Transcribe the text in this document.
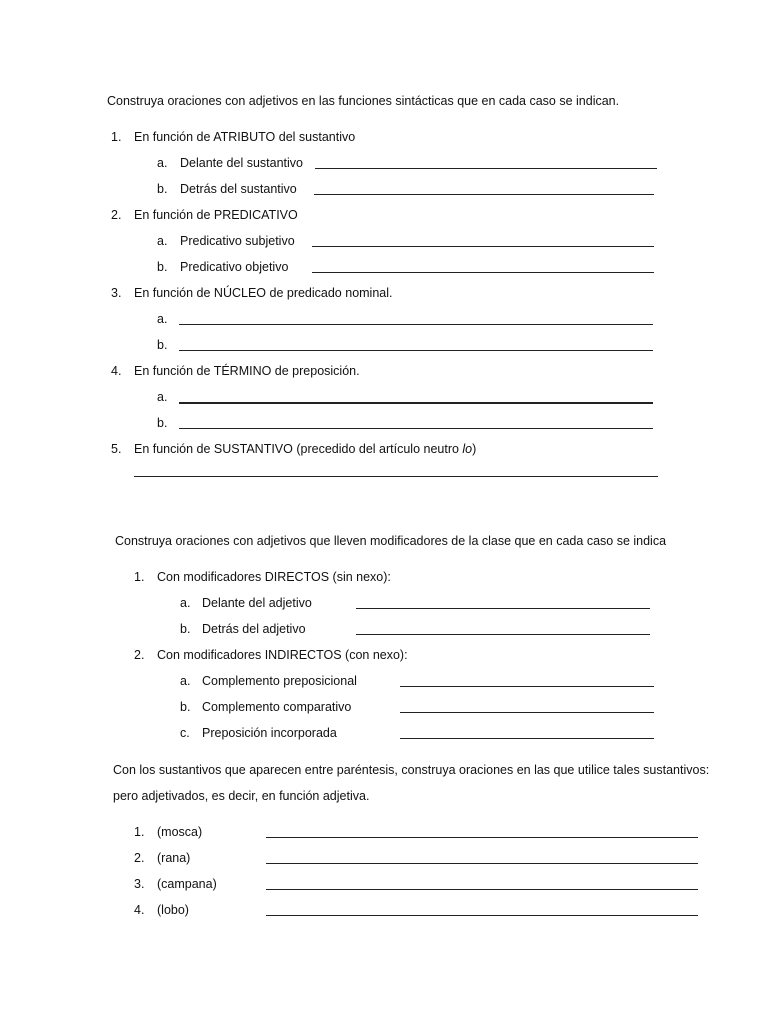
Construya oraciones con adjetivos en las funciones sintácticas que en cada caso se indican.
1. En función de ATRIBUTO del sustantivo
a. Delante del sustantivo
b. Detrás del sustantivo
2. En función de PREDICATIVO
a. Predicativo subjetivo
b. Predicativo objetivo
3. En función de NÚCLEO de predicado nominal.
a.
b.
4. En función de TÉRMINO de preposición.
a.
b.
5. En función de SUSTANTIVO (precedido del artículo neutro lo)
Construya oraciones con adjetivos que lleven modificadores de la clase que en cada caso se indica
1. Con modificadores DIRECTOS (sin nexo):
a. Delante del adjetivo
b. Detrás del adjetivo
2. Con modificadores INDIRECTOS (con nexo):
a. Complemento preposicional
b. Complemento comparativo
c. Preposición incorporada
Con los sustantivos que aparecen entre paréntesis, construya oraciones en las que utilice tales sustantivos:
pero adjetivados, es decir, en función adjetiva.
1. (mosca)
2. (rana)
3. (campana)
4. (lobo)
